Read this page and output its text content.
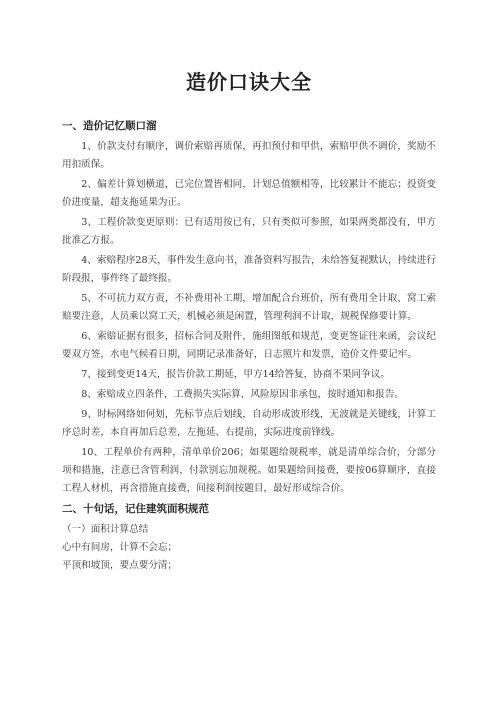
造价口诀大全
一、造价记忆顺口溜

1、价款支付有顺序，调价索赔再质保，再扣预付和甲供，索赔甲供不调价，奖励不用扣质保。

2、偏差计算划横道，已完位置皆相同，计划总值额相等，比较累计不能忘；投资变价进度量，超支拖延果为正。

3、工程价款变更原则：已有适用按已有，只有类似可参照，如果两类都没有，甲方批准乙方报。

4、索赔程序28天，事件发生意向书，准备资料写报告，未给答复视默认，持续进行阶段报，事件终了最终报。

5、不可抗力双方责，不补费用补工期，增加配合台班价，所有费用全计取，窝工索赔要注意，人员乘以窝工天，机械必须是闲置，管理利润不计取，规税保修要计算。

6、索赔证据有很多，招标合同及附件，施组图纸和规范，变更签证往来函，会议纪要双方签，水电气候看日期，同期记录准备好，日志照片和发票，造价文件要记牢。

7、接到变更14天，报告价款工期延，甲方14给答复，协商不果同争议。

8、索赔成立四条件，工费损失实际算，风险原因非承包，按时通知和报告。

9、时标网络如何划，先标节点后划线，自动形成波形线，无波就是关键线，计算工序总时差，本自再加后总差，左拖延、右提前，实际进度前锋线。

10、工程单价有两种，清单单价206；如果题给规税率，就是清单综合价，分部分项和措施，注意已含管利润，付款别忘加规税。如果题给间接费，要按06算顺序，直接工程人材机，再含措施直接费，间接利润按题目，最好形成综合价。

二、十句话，记住建筑面积规范

（一）面积计算总结

心中有间房，计算不会忘；

平顶和坡顶，要点要分清；
